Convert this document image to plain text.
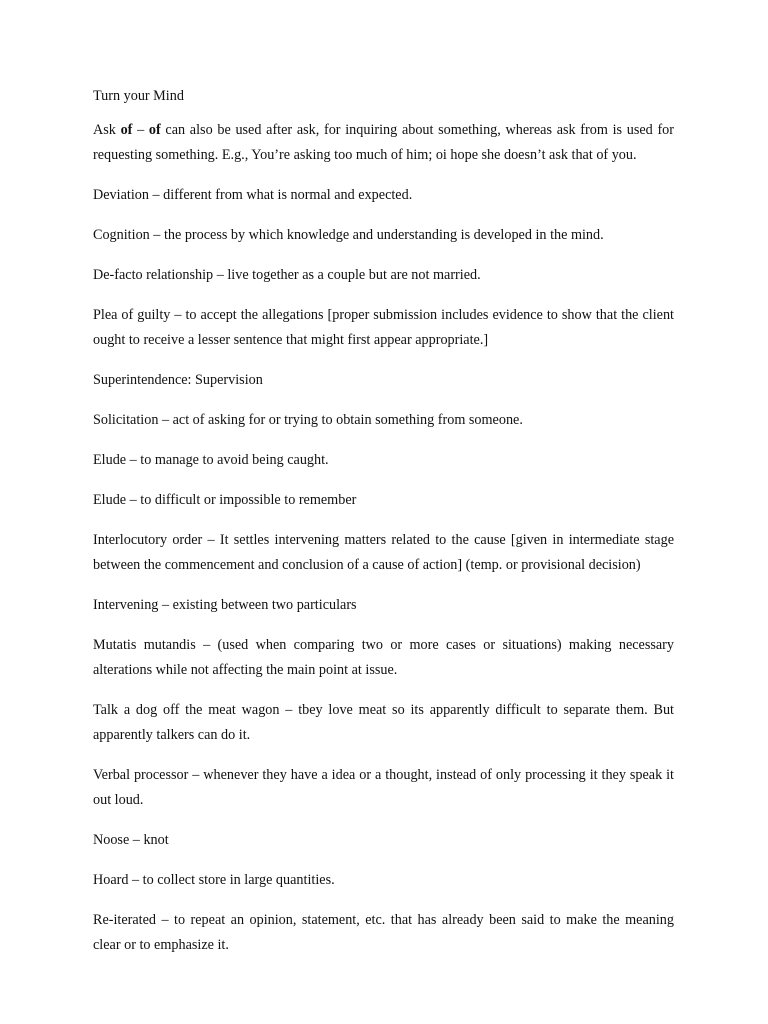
Turn your Mind

Ask of – of can also be used after ask, for inquiring about something, whereas ask from is used for requesting something. E.g., You’re asking too much of him; oi hope she doesn’t ask that of you.

Deviation – different from what is normal and expected.

Cognition – the process by which knowledge and understanding is developed in the mind.

De-facto relationship – live together as a couple but are not married.

Plea of guilty – to accept the allegations [proper submission includes evidence to show that the client ought to receive a lesser sentence that might first appear appropriate.]

Superintendence: Supervision

Solicitation – act of asking for or trying to obtain something from someone.

Elude – to manage to avoid being caught.

Elude – to difficult or impossible to remember

Interlocutory order – It settles intervening matters related to the cause [given in intermediate stage between the commencement and conclusion of a cause of action] (temp. or provisional decision)

Intervening – existing between two particulars

Mutatis mutandis – (used when comparing two or more cases or situations) making necessary alterations while not affecting the main point at issue.

Talk a dog off the meat wagon – tbey love meat so its apparently difficult to separate them. But apparently talkers can do it.

Verbal processor – whenever they have a idea or a thought, instead of only processing it they speak it out loud.

Noose – knot

Hoard – to collect store in large quantities.

Re-iterated – to repeat an opinion, statement, etc. that has already been said to make the meaning clear or to emphasize it.
